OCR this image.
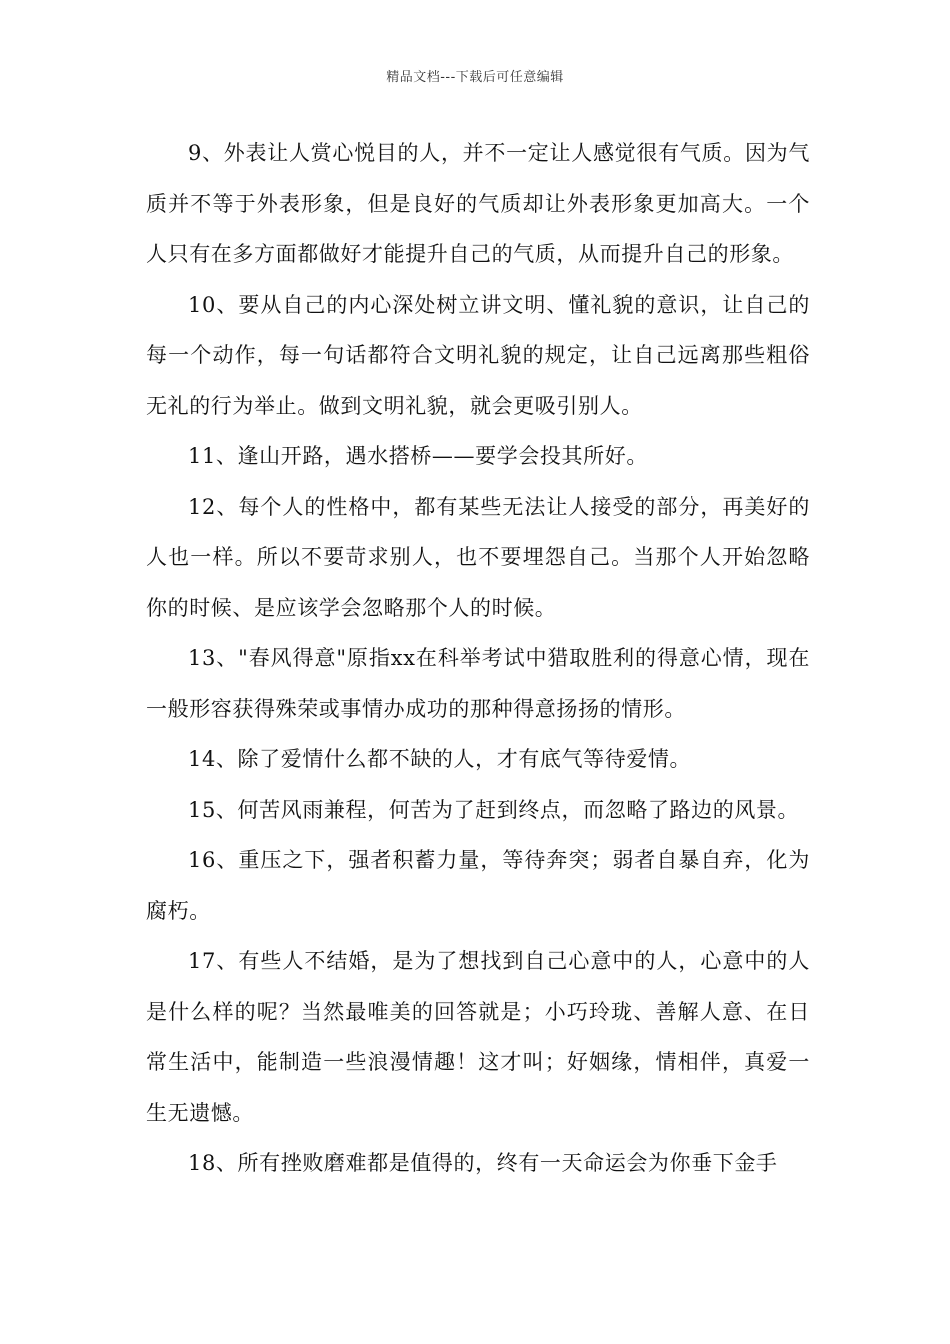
精品文档---下载后可任意编辑

9、外表让人赏心悦目的人，并不一定让人感觉很有气质。因为气质并不等于外表形象，但是良好的气质却让外表形象更加高大。一个人只有在多方面都做好才能提升自己的气质，从而提升自己的形象。

10、要从自己的内心深处树立讲文明、懂礼貌的意识，让自己的每一个动作，每一句话都符合文明礼貌的规定，让自己远离那些粗俗无礼的行为举止。做到文明礼貌，就会更吸引别人。

11、逢山开路，遇水搭桥——要学会投其所好。

12、每个人的性格中，都有某些无法让人接受的部分，再美好的人也一样。所以不要苛求别人，也不要埋怨自己。当那个人开始忽略你的时候、是应该学会忽略那个人的时候。

13、"春风得意"原指xx在科举考试中猎取胜利的得意心情，现在一般形容获得殊荣或事情办成功的那种得意扬扬的情形。

14、除了爱情什么都不缺的人，才有底气等待爱情。

15、何苦风雨兼程，何苦为了赶到终点，而忽略了路边的风景。

16、重压之下，强者积蓄力量，等待奔突；弱者自暴自弃，化为腐朽。

17、有些人不结婚，是为了想找到自己心意中的人，心意中的人是什么样的呢？当然最唯美的回答就是；小巧玲珑、善解人意、在日常生活中，能制造一些浪漫情趣！这才叫；好姻缘，情相伴，真爱一生无遗憾。

18、所有挫败磨难都是值得的，终有一天命运会为你垂下金手
